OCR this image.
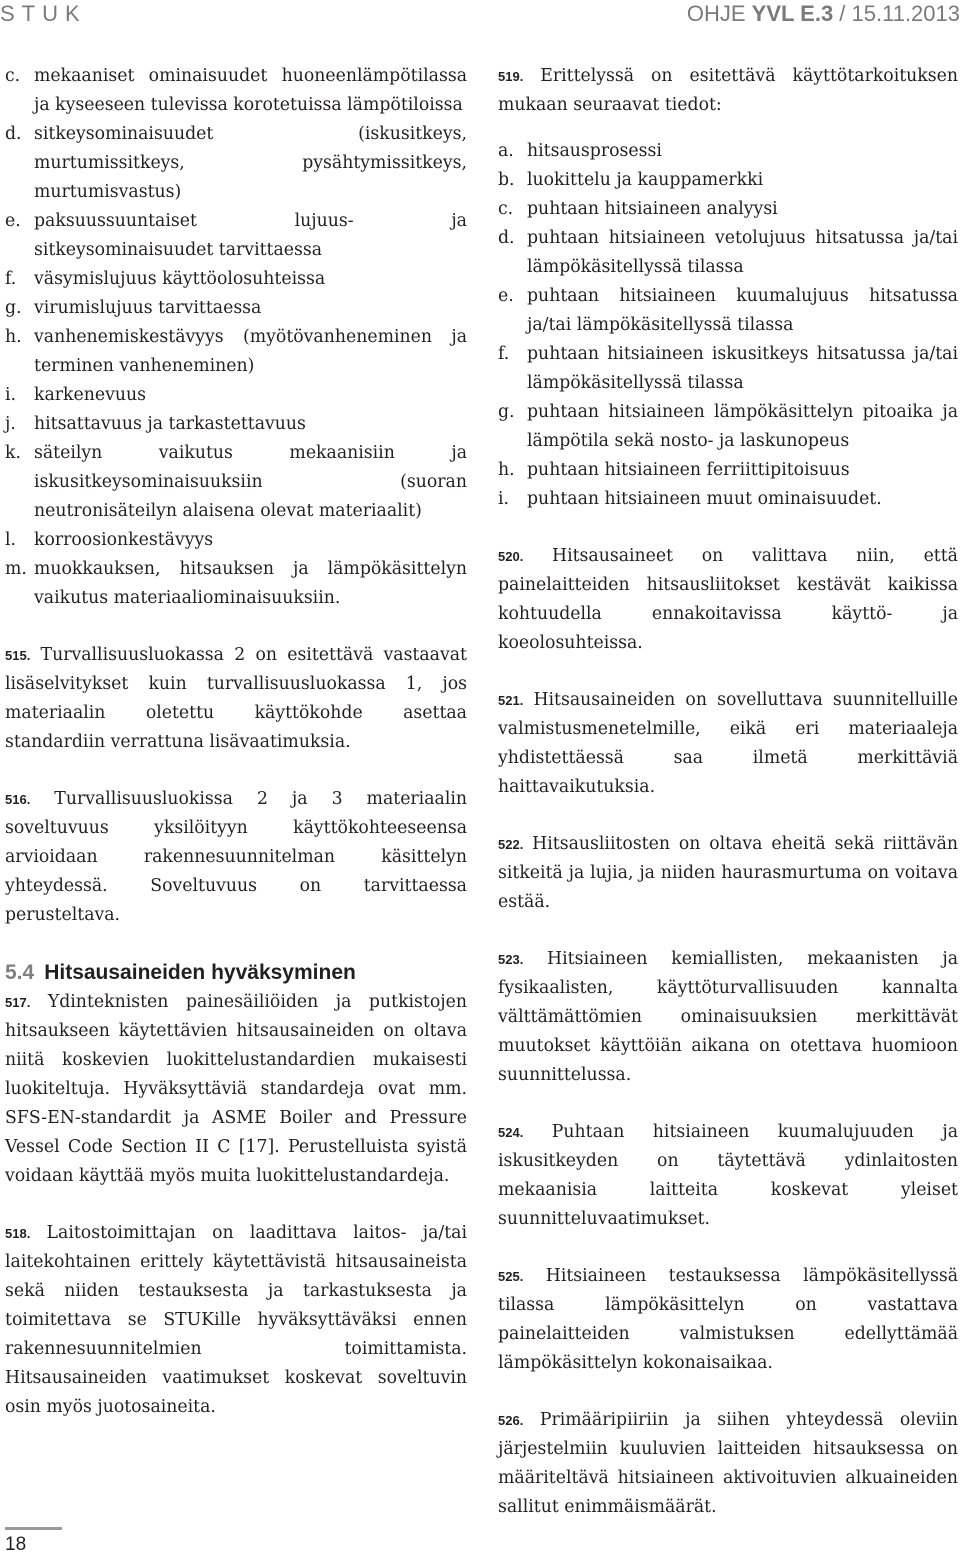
STUK	OHJE YVL E.3 / 15.11.2013
c. mekaaniset ominaisuudet huoneenlämpötilassa ja kyseeseen tulevissa korotetuissa lämpötiloissa
d. sitkeysominaisuudet (iskusitkeys, murtumissitkeys, pysähtymissitkeys, murtumisvastus)
e. paksuussuuntaiset lujuus- ja sitkeysominaisuudet tarvittaessa
f. väsymislujuus käyttöolosuhteissa
g. virumislujuus tarvittaessa
h. vanhenemiskestävyys (myötövanheneminen ja terminen vanheneminen)
i. karkenevuus
j. hitsattavuus ja tarkastettavuus
k. säteilyn vaikutus mekaanisiin ja iskusitkeysominaisuuksiin (suoran neutronisäteilyn alaisena olevat materiaalit)
l. korroosionkestävyys
m. muokkauksen, hitsauksen ja lämpökäsittelyn vaikutus materiaaliominaisuuksiin.

515. Turvallisuusluokassa 2 on esitettävä vastaavat lisäselvitykset kuin turvallisuusluokassa 1, jos materiaalin oletettu käyttökohde asettaa standardiin verrattuna lisävaatimuksia.

516. Turvallisuusluokissa 2 ja 3 materiaalin soveltuvuus yksilöityyn käyttökohteeseensa arvioidaan rakennesuunnitelman käsittelyn yhteydessä. Soveltuvuus on tarvittaessa perusteltava.

5.4 Hitsausaineiden hyväksyminen

517. Ydinteknisten painesäiliöiden ja putkistojen hitsaukseen käytettävien hitsausaineiden on oltava niitä koskevien luokittelustandardien mukaisesti luokiteltuja. Hyväksyttäviä standardeja ovat mm. SFS-EN-standardit ja ASME Boiler and Pressure Vessel Code Section II C [17]. Perustelluista syistä voidaan käyttää myös muita luokittelustandardeja.

518. Laitostoimittajan on laadittava laitos- ja/tai laitekohtainen erittely käytettävistä hitsausaineista sekä niiden testauksesta ja tarkastuksesta ja toimitettava se STUKille hyväksyttäväksi ennen rakennesuunnitelmien toimittamista. Hitsausaineiden vaatimukset koskevat soveltuvin osin myös juotosaineita.

519. Erittelyssä on esitettävä käyttötarkoituksen mukaan seuraavat tiedot:

a. hitsausprosessi
b. luokittelu ja kauppamerkki
c. puhtaan hitsiaineen analyysi
d. puhtaan hitsiaineen vetolujuus hitsatussa ja/tai lämpökäsitellyssä tilassa
e. puhtaan hitsiaineen kuumalujuus hitsatussa ja/tai lämpökäsitellyssä tilassa
f. puhtaan hitsiaineen iskusitkeys hitsatussa ja/tai lämpökäsitellyssä tilassa
g. puhtaan hitsiaineen lämpökäsittelyn pitoaika ja lämpötila sekä nosto- ja laskunopeus
h. puhtaan hitsiaineen ferriittipitoisuus
i. puhtaan hitsiaineen muut ominaisuudet.

520. Hitsausaineet on valittava niin, että painelaitteiden hitsausliitokset kestävät kaikissa kohtuudella ennakoitavissa käyttö- ja koeolosuhteissa.

521. Hitsausaineiden on sovelluttava suunnitelluille valmistusmenetelmille, eikä eri materiaaleja yhdistettäessä saa ilmetä merkittäviä haittavaikutuksia.

522. Hitsausliitosten on oltava eheitä sekä riittävän sitkeitä ja lujia, ja niiden haurasmurtuma on voitava estää.

523. Hitsiaineen kemiallisten, mekaanisten ja fysikaalisten, käyttöturvallisuuden kannalta välttämättömien ominaisuuksien merkittävät muutokset käyttöiän aikana on otettava huomioon suunnittelussa.

524. Puhtaan hitsiaineen kuumalujuuden ja iskusitkeyden on täytettävä ydinlaitosten mekaanisia laitteita koskevat yleiset suunnitteluvaatimukset.

525. Hitsiaineen testauksessa lämpökäsitellyssä tilassa lämpökäsittelyn on vastattava painelaitteiden valmistuksen edellyttämää lämpökäsittelyn kokonaisaikaa.

526. Primääripiiriin ja siihen yhteydessä oleviin järjestelmiin kuuluvien laitteiden hitsauksessa on määriteltävä hitsiaineen aktivoituvien alkuaineiden sallitut enimmäismäärät.

18
